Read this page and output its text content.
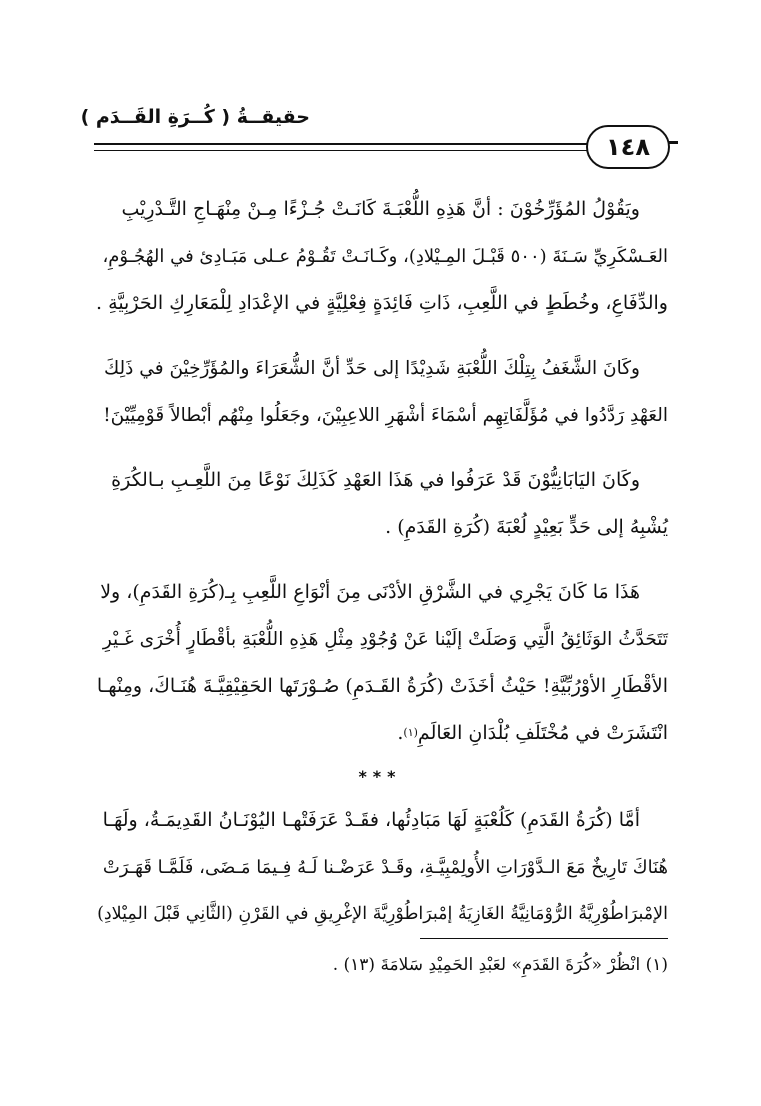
حقيقــةُ ( كُــرَةِ القَــدَم )
١٤٨
ويَقُوْلُ المُؤَرِّخُوْنَ : أنَّ هَذِهِ اللُّعْبَـةَ كَانَـتْ جُـزْءًا مِـنْ مِنْهَـاجِ التَّـدْرِيْبِ
العَـسْكَرِيِّ سَـنَةَ (٥٠٠ قَبْـلَ المِـيْلادِ)، وكَـانَـتْ تَقُـوْمُ عـلى مَبَـادِئ في الهُجُـوْمِ،
والدِّفَاعِ، وخُطَطٍ في اللَّعِبِ، ذَاتِ فَائِدَةٍ فِعْلِيَّةٍ في الإعْدَادِ لِلْمَعَارِكِ الحَرْبِيَّةِ .
وكَانَ الشَّغَفُ بِتِلْكَ اللُّعْبَةِ شَدِيْدًا إلى حَدِّ أنَّ الشُّعَرَاءَ والمُؤَرِّخِيْنَ في ذَلِكَ
العَهْدِ رَدَّدُوا في مُؤَلَّفَاتِهِم أسْمَاءَ أشْهَرِ اللاعِبِيْنَ، وجَعَلُوا مِنْهُم أبْطالاً قَوْمِيِّيْنَ!
وكَانَ اليَابَانِيُّوْنَ قَدْ عَرَفُوا في هَذَا العَهْدِ كَذَلِكَ نَوْعًا مِنَ اللَّعِـبِ بـالكُرَةِ
يُشْبِهُ إلى حَدٍّ بَعِيْدٍ لُعْبَةَ (كُرَةِ القَدَمِ) .
هَذَا مَا كَانَ يَجْرِي في الشَّرْقِ الأدْنَى مِنَ أنْوَاعِ اللَّعِبِ بِـ(كُرَةِ القَدَمِ)، ولا
تَتَحَدَّثُ الوَثَائِقُ الَّتِي وَصَلَتْ إلَيْنا عَنْ وُجُوْدِ مِثْلِ هَذِهِ اللُّعْبَةِ بأقْطَارٍ أُخْرَى غَـيْرِ
الأقْطَارِ الأوْرُبِّيَّةِ! حَيْثُ أخَذَتْ (كُرَةُ القَـدَمِ) صُـوْرَتَها الحَقِيْقِيَّـةَ هُنَـاكَ، ومِنْهـا
انْتَشَرَتْ في مُخْتَلَفِ بُلْدَانِ العَالَمِ
(١)
.
***
أمَّا (كُرَةُ القَدَمِ) كَلُعْبَةٍ لَهَا مَبَادِئُها، فقَـدْ عَرَفَتْهـا اليُوْنَـانُ القَدِيمَـةُ، ولَهَـا
هُنَاكَ تَارِيخٌ مَعَ الـدَّوْرَاتِ الأُولِمْبِيَّـةِ، وقَـدْ عَرَضْـنا لَـهُ فِـيمَا مَـضَى، فَلَمَّـا قَهَـرَتْ
الإمْبرَاطُوْرِيَّةُ الرُّوْمَانِيَّةُ الغَازِيَةُ إمْبرَاطُوْرِيَّةَ الإغْرِيقِ في القَرْنِ (الثَّانِي قَبْلَ المِيْلادِ)
(١) انْظُرْ «كُرَةَ القَدَمِ» لعَبْدِ الحَمِيْدِ سَلامَةَ (١٣) .
